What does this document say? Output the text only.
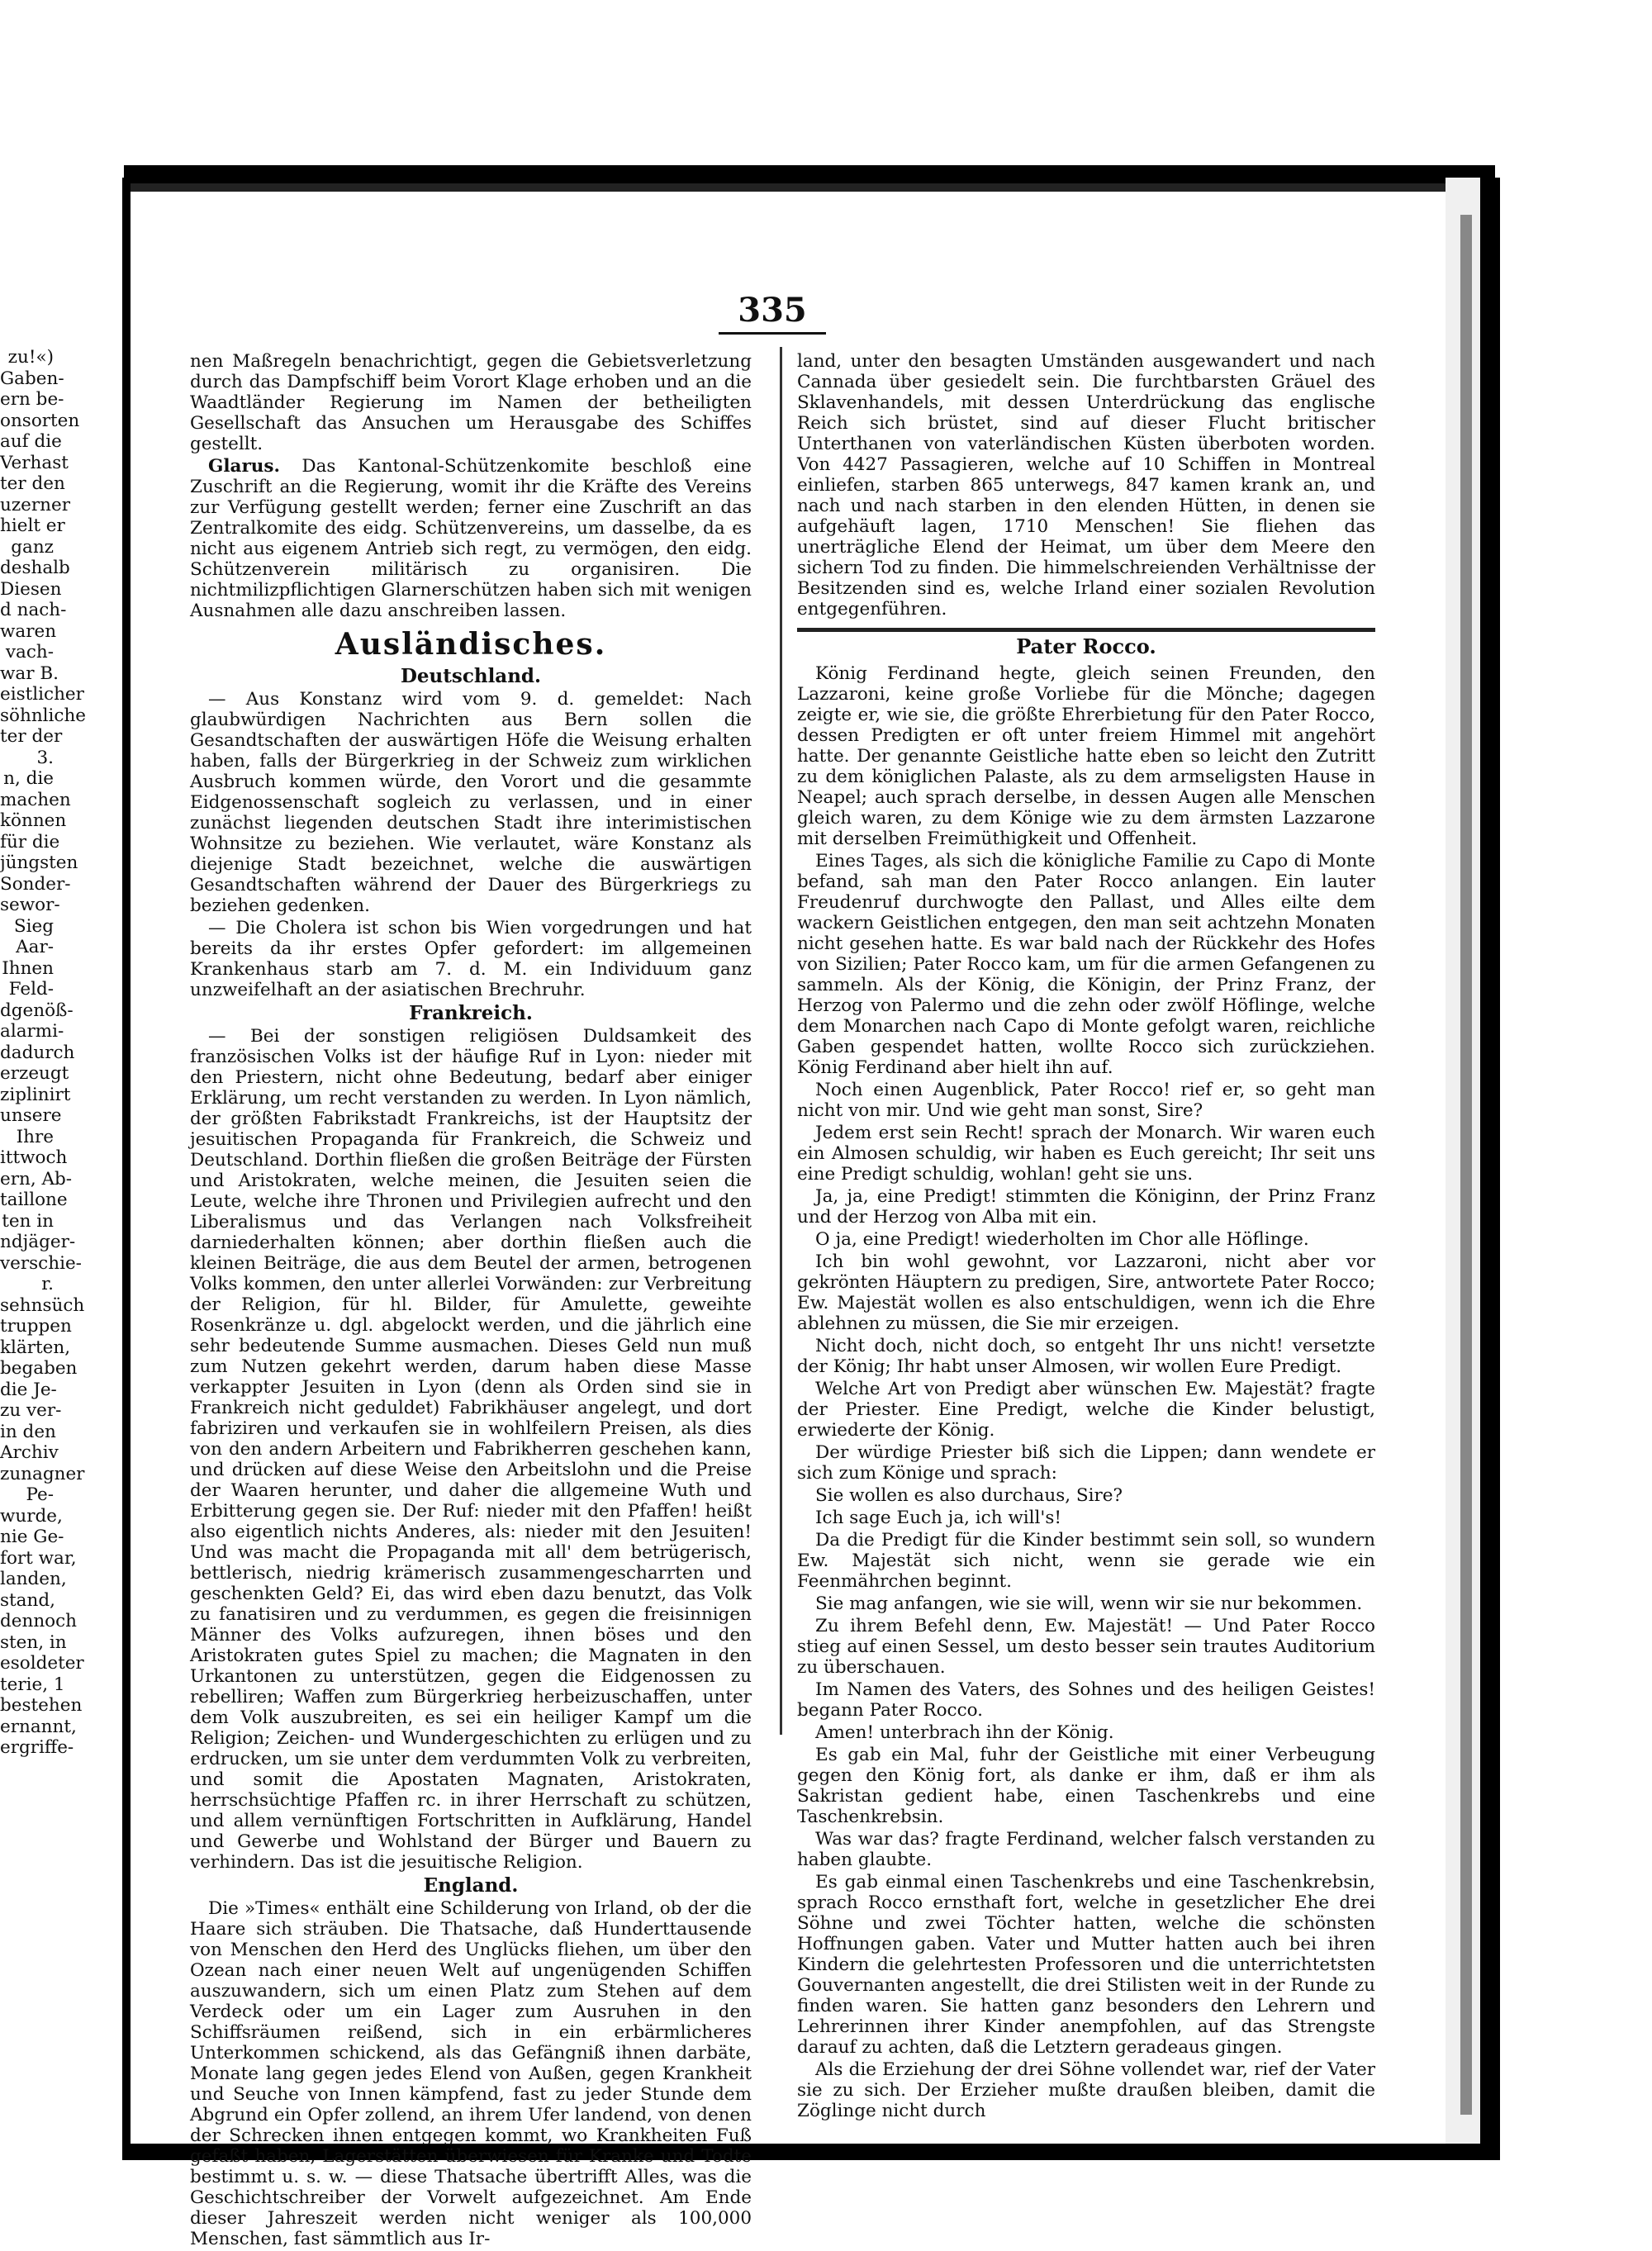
335
zu!«)
Gaben-
ern be-
onsorten
auf die
Verhast
ter den
uzerner
hielt er
ganz
deshalb
Diesen
d nach-
waren
vach-
war B.
eistlicher
söhnliche
ter der
3.
n, die
machen
können
für die
jüngsten
Sonder-
sewor-
Sieg
Aar-
Ihnen
Feld-
dgenöß-
alarmi-
dadurch
erzeugt
ziplinirt
unsere
Ihre
ittwoch
ern, Ab-
taillone
ten in
ndjäger-
verschie-
r.
sehnsüch
truppen
klärten,
begaben
die Je-
zu ver-
in den
Archiv
zunagner
Pe-
wurde,
nie Ge-
fort war,
landen,
stand,
dennoch
sten, in
esoldeter
terie, 1
bestehen
ernannt,
ergriffe-

nen Maßregeln benachrichtigt, gegen die Gebietsverletzung durch das Dampfschiff beim Vorort Klage erhoben und an die Waadtländer Regierung im Namen der betheiligten Gesellschaft das Ansuchen um Herausgabe des Schiffes gestellt.

Glarus. Das Kantonal-Schützenkomite beschloß eine Zuschrift an die Regierung, womit ihr die Kräfte des Vereins zur Verfügung gestellt werden; ferner eine Zuschrift an das Zentralkomite des eidg. Schützenvereins, um dasselbe, da es nicht aus eigenem Antrieb sich regt, zu vermögen, den eidg. Schützenverein militärisch zu organisiren. Die nichtmilizpflichtigen Glarnerschützen haben sich mit wenigen Ausnahmen alle dazu anschreiben lassen.

Ausländisches.
Deutschland.

— Aus Konstanz wird vom 9. d. gemeldet: Nach glaubwürdigen Nachrichten aus Bern sollen die Gesandtschaften der auswärtigen Höfe die Weisung erhalten haben, falls der Bürgerkrieg in der Schweiz zum wirklichen Ausbruch kommen würde, den Vorort und die gesammte Eidgenossenschaft sogleich zu verlassen, und in einer zunächst liegenden deutschen Stadt ihre interimistischen Wohnsitze zu beziehen. Wie verlautet, wäre Konstanz als diejenige Stadt bezeichnet, welche die auswärtigen Gesandtschaften während der Dauer des Bürgerkriegs zu beziehen gedenken.

— Die Cholera ist schon bis Wien vorgedrungen und hat bereits da ihr erstes Opfer gefordert: im allgemeinen Krankenhaus starb am 7. d. M. ein Individuum ganz unzweifelhaft an der asiatischen Brechruhr.

Frankreich.

— Bei der sonstigen religiösen Duldsamkeit des französischen Volks ist der häufige Ruf in Lyon: nieder mit den Priestern, nicht ohne Bedeutung, bedarf aber einiger Erklärung, um recht verstanden zu werden. In Lyon nämlich, der größten Fabrikstadt Frankreichs, ist der Hauptsitz der jesuitischen Propaganda für Frankreich, die Schweiz und Deutschland. Dorthin fließen die großen Beiträge der Fürsten und Aristokraten, welche meinen, die Jesuiten seien die Leute, welche ihre Thronen und Privilegien aufrecht und den Liberalismus und das Verlangen nach Volksfreiheit darniederhalten können; aber dorthin fließen auch die kleinen Beiträge, die aus dem Beutel der armen, betrogenen Volks kommen, den unter allerlei Vorwänden: zur Verbreitung der Religion, für hl. Bilder, für Amulette, geweihte Rosenkränze u. dgl. abgelockt werden, und die jährlich eine sehr bedeutende Summe ausmachen. Dieses Geld nun muß zum Nutzen gekehrt werden, darum haben diese Masse verkappter Jesuiten in Lyon (denn als Orden sind sie in Frankreich nicht geduldet) Fabrikhäuser angelegt, und dort fabriziren und verkaufen sie in wohlfeilern Preisen, als dies von den andern Arbeitern und Fabrikherren geschehen kann, und drücken auf diese Weise den Arbeitslohn und die Preise der Waaren herunter, und daher die allgemeine Wuth und Erbitterung gegen sie. Der Ruf: nieder mit den Pfaffen! heißt also eigentlich nichts Anderes, als: nieder mit den Jesuiten! Und was macht die Propaganda mit all' dem betrügerisch, bettlerisch, niedrig krämerisch zusammengescharrten und geschenkten Geld? Ei, das wird eben dazu benutzt, das Volk zu fanatisiren und zu verdummen, es gegen die freisinnigen Männer des Volks aufzuregen, ihnen böses und den Aristokraten gutes Spiel zu machen; die Magnaten in den Urkantonen zu unterstützen, gegen die Eidgenossen zu rebelliren; Waffen zum Bürgerkrieg herbeizuschaffen, unter dem Volk auszubreiten, es sei ein heiliger Kampf um die Religion; Zeichen- und Wundergeschichten zu erlügen und zu erdrucken, um sie unter dem verdummten Volk zu verbreiten, und somit die Apostaten Magnaten, Aristokraten, herrschsüchtige Pfaffen rc. in ihrer Herrschaft zu schützen, und allem vernünftigen Fortschritten in Aufklärung, Handel und Gewerbe und Wohlstand der Bürger und Bauern zu verhindern. Das ist die jesuitische Religion.

England.

Die »Times« enthält eine Schilderung von Irland, ob der die Haare sich sträuben. Die Thatsache, daß Hunderttausende von Menschen den Herd des Unglücks fliehen, um über den Ozean nach einer neuen Welt auf ungenügenden Schiffen auszuwandern, sich um einen Platz zum Stehen auf dem Verdeck oder um ein Lager zum Ausruhen in den Schiffsräumen reißend, sich in ein erbärmlicheres Unterkommen schickend, als das Gefängniß ihnen darbäte, Monate lang gegen jedes Elend von Außen, gegen Krankheit und Seuche von Innen kämpfend, fast zu jeder Stunde dem Abgrund ein Opfer zollend, an ihrem Ufer landend, von denen der Schrecken ihnen entgegen kommt, wo Krankheiten Fuß gefaßt haben, Lagerstätten überwiesen für Kranke und Todte bestimmt u. s. w. — diese Thatsache übertrifft Alles, was die Geschichtschreiber der Vorwelt aufgezeichnet. Am Ende dieser Jahreszeit werden nicht weniger als 100,000 Menschen, fast sämmtlich aus Ir-

land, unter den besagten Umständen ausgewandert und nach Cannada über gesiedelt sein. Die furchtbarsten Gräuel des Sklavenhandels, mit dessen Unterdrückung das englische Reich sich brüstet, sind auf dieser Flucht britischer Unterthanen von vaterländischen Küsten überboten worden. Von 4427 Passagieren, welche auf 10 Schiffen in Montreal einliefen, starben 865 unterwegs, 847 kamen krank an, und nach und nach starben in den elenden Hütten, in denen sie aufgehäuft lagen, 1710 Menschen! Sie fliehen das unerträgliche Elend der Heimat, um über dem Meere den sichern Tod zu finden. Die himmelschreienden Verhältnisse der Besitzenden sind es, welche Irland einer sozialen Revolution entgegenführen.

Pater Rocco.

König Ferdinand hegte, gleich seinen Freunden, den Lazzaroni, keine große Vorliebe für die Mönche; dagegen zeigte er, wie sie, die größte Ehrerbietung für den Pater Rocco, dessen Predigten er oft unter freiem Himmel mit angehört hatte. Der genannte Geistliche hatte eben so leicht den Zutritt zu dem königlichen Palaste, als zu dem armseligsten Hause in Neapel; auch sprach derselbe, in dessen Augen alle Menschen gleich waren, zu dem Könige wie zu dem ärmsten Lazzarone mit derselben Freimüthigkeit und Offenheit.

Eines Tages, als sich die königliche Familie zu Capo di Monte befand, sah man den Pater Rocco anlangen. Ein lauter Freudenruf durchwogte den Pallast, und Alles eilte dem wackern Geistlichen entgegen, den man seit achtzehn Monaten nicht gesehen hatte. Es war bald nach der Rückkehr des Hofes von Sizilien; Pater Rocco kam, um für die armen Gefangenen zu sammeln. Als der König, die Königin, der Prinz Franz, der Herzog von Palermo und die zehn oder zwölf Höflinge, welche dem Monarchen nach Capo di Monte gefolgt waren, reichliche Gaben gespendet hatten, wollte Rocco sich zurückziehen. König Ferdinand aber hielt ihn auf.

Noch einen Augenblick, Pater Rocco! rief er, so geht man nicht von mir. Und wie geht man sonst, Sire?

Jedem erst sein Recht! sprach der Monarch. Wir waren euch ein Almosen schuldig, wir haben es Euch gereicht; Ihr seit uns eine Predigt schuldig, wohlan! geht sie uns.

Ja, ja, eine Predigt! stimmten die Königinn, der Prinz Franz und der Herzog von Alba mit ein.

O ja, eine Predigt! wiederholten im Chor alle Höflinge.

Ich bin wohl gewohnt, vor Lazzaroni, nicht aber vor gekrönten Häuptern zu predigen, Sire, antwortete Pater Rocco; Ew. Majestät wollen es also entschuldigen, wenn ich die Ehre ablehnen zu müssen, die Sie mir erzeigen.

Nicht doch, nicht doch, so entgeht Ihr uns nicht! versetzte der König; Ihr habt unser Almosen, wir wollen Eure Predigt.

Welche Art von Predigt aber wünschen Ew. Majestät? fragte der Priester. Eine Predigt, welche die Kinder belustigt, erwiederte der König.

Der würdige Priester biß sich die Lippen; dann wendete er sich zum Könige und sprach:

Sie wollen es also durchaus, Sire?

Ich sage Euch ja, ich will's!

Da die Predigt für die Kinder bestimmt sein soll, so wundern Ew. Majestät sich nicht, wenn sie gerade wie ein Feenmährchen beginnt.

Sie mag anfangen, wie sie will, wenn wir sie nur bekommen.

Zu ihrem Befehl denn, Ew. Majestät! — Und Pater Rocco stieg auf einen Sessel, um desto besser sein trautes Auditorium zu überschauen.

Im Namen des Vaters, des Sohnes und des heiligen Geistes! begann Pater Rocco.

Amen! unterbrach ihn der König.

Es gab ein Mal, fuhr der Geistliche mit einer Verbeugung gegen den König fort, als danke er ihm, daß er ihm als Sakristan gedient habe, einen Taschenkrebs und eine Taschenkrebsin.

Was war das? fragte Ferdinand, welcher falsch verstanden zu haben glaubte.

Es gab einmal einen Taschenkrebs und eine Taschenkrebsin, sprach Rocco ernsthaft fort, welche in gesetzlicher Ehe drei Söhne und zwei Töchter hatten, welche die schönsten Hoffnungen gaben. Vater und Mutter hatten auch bei ihren Kindern die gelehrtesten Professoren und die unterrichtetsten Gouvernanten angestellt, die drei Stilisten weit in der Runde zu finden waren. Sie hatten ganz besonders den Lehrern und Lehrerinnen ihrer Kinder anempfohlen, auf das Strengste darauf zu achten, daß die Letztern geradeaus gingen.

Als die Erziehung der drei Söhne vollendet war, rief der Vater sie zu sich. Der Erzieher mußte draußen bleiben, damit die Zöglinge nicht durch
